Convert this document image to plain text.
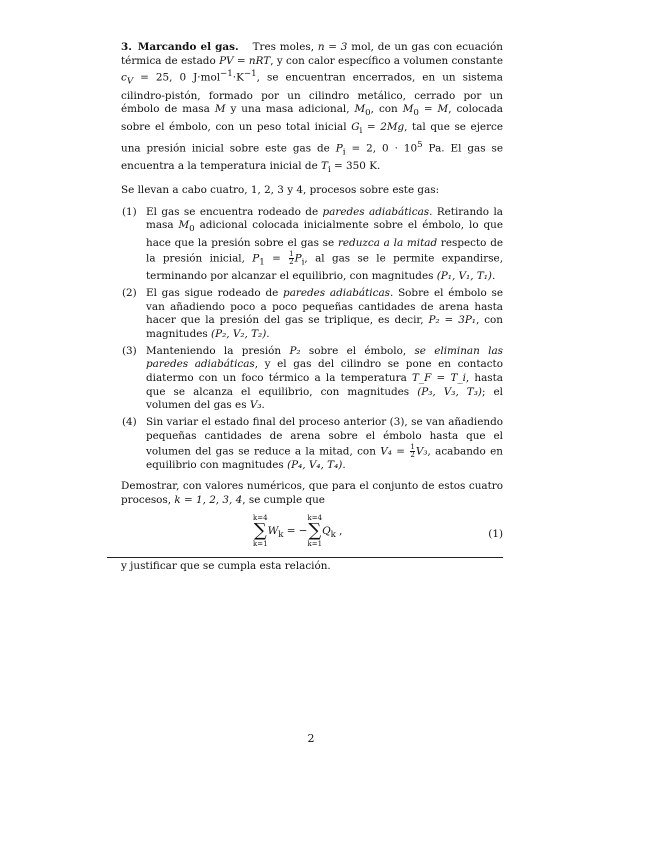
3. Marcando el gas. Tres moles, n = 3 mol, de un gas con ecuación térmica de estado PV = nRT, y con calor específico a volumen constante $c_V = 25$, 0 $J\cdot mol^{-1}\cdot K^{-1}$, se encuentran encerrados, en un sistema cilindro-pistón, formado por un cilindro metálico, cerrado por un émbolo de masa M y una masa adicional, $M_0$, con $M_0 = M$, colocada sobre el émbolo, con un peso total inicial $G_i = 2Mg$, tal que se ejerce una presión inicial sobre este gas de $P_i = 2$, $0 \cdot 10^5$ Pa. El gas se encuentra a la temperatura inicial de $T_i = 350$ K.

Se llevan a cabo cuatro, 1, 2, 3 y 4, procesos sobre este gas:

(1) El gas se encuentra rodeado de paredes adiabáticas. Retirando la masa $M_0$ adicional colocada inicialmente sobre el émbolo, lo que hace que la presión sobre el gas se reduzca a la mitad respecto de la presión inicial, $P_1 = \frac{1}{2} P_i$, al gas se le permite expandirse, terminando por alcanzar el equilibrio, con magnitudes (P₁, V₁, T₁).
(2) El gas sigue rodeado de paredes adiabáticas. Sobre el émbolo se van añadiendo poco a poco pequeñas cantidades de arena hasta hacer que la presión del gas se triplique, es decir, P₂ = 3P₁, con magnitudes (P₂, V₂, T₂).
(3) Manteniendo la presión P₂ sobre el émbolo, se eliminan las paredes adiabáticas, y el gas del cilindro se pone en contacto diatermo con un foco térmico a la temperatura T_F = T_i, hasta que se alcanza el equilibrio, con magnitudes (P₃, V₃, T₃); el volumen del gas es V₃.
(4) Sin variar el estado final del proceso anterior (3), se van añadiendo pequeñas cantidades de arena sobre el émbolo hasta que el volumen del gas se reduce a la mitad, con $V_4 = \frac{1}{2} V_3$, acabando en equilibrio con magnitudes (P₄, V₄, T₄).

Demostrar, con valores numéricos, que para el conjunto de estos cuatro procesos, k = 1, 2, 3, 4, se cumple que

k=4
∑
$k=1W_k = -k=4$
∑
$k=1Q_k$ ,	(1)

y justificar que se cumpla esta relación.

2
